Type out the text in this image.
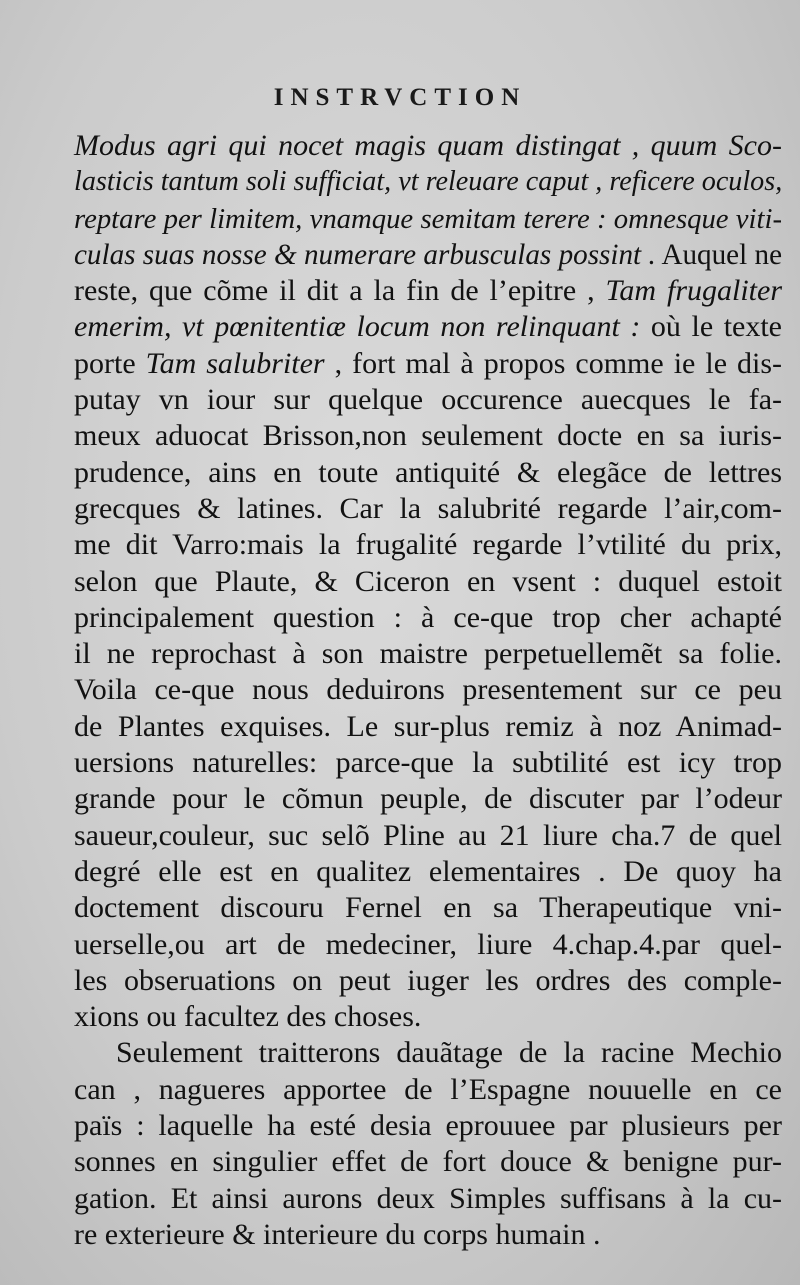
INSTRVCTION
Modus agri qui nocet magis quam distingat , quum Sco-
lasticis tantum soli sufficiat, vt releuare caput , reficere oculos,
reptare per limitem, vnamque semitam terere : omnesque viti-
culas suas nosse & numerare arbusculas possint . Auquel ne
reste, que cõme il dit a la fin de l’epitre , Tam frugaliter
emerim, vt pœnitentiæ locum non relinquant : où le texte
porte Tam salubriter , fort mal à propos comme ie le dis-
putay vn iour sur quelque occurence auecques le fa-
meux aduocat Brisson,non seulement docte en sa iuris-
prudence, ains en toute antiquité & elegãce de lettres
grecques & latines. Car la salubrité regarde l’air,com-
me dit Varro:mais la frugalité regarde l’vtilité du prix,
selon que Plaute, & Ciceron en vsent : duquel estoit
principalement question : à ce-que trop cher achapté
il ne reprochast à son maistre perpetuellemẽt sa folie.
Voila ce-que nous deduirons presentement sur ce peu
de Plantes exquises. Le sur-plus remiz à noz Animad-
uersions naturelles: parce-que la subtilité est icy trop
grande pour le cõmun peuple, de discuter par l’odeur
saueur,couleur, suc selõ Pline au 21 liure cha.7 de quel
degré elle est en qualitez elementaires . De quoy ha
doctement discouru Fernel en sa Therapeutique vni-
uerselle,ou art de medeciner, liure 4.chap.4.par quel-
les obseruations on peut iuger les ordres des comple-
xions ou facultez des choses.
Seulement traitterons dauãtage de la racine Mechio
can , nagueres apportee de l’Espagne nouuelle en ce
païs : laquelle ha esté desia eprouuee par plusieurs per
sonnes en singulier effet de fort douce & benigne pur-
gation. Et ainsi aurons deux Simples suffisans à la cu-
re exterieure & interieure du corps humain .
